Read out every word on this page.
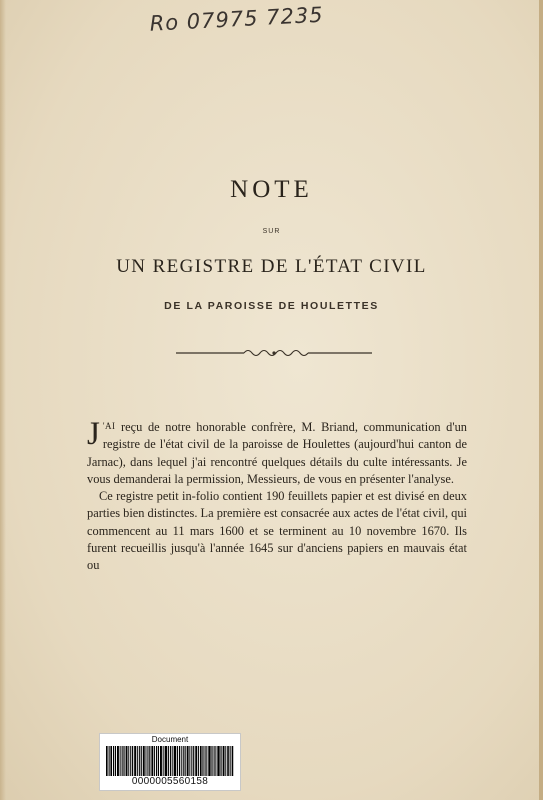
Ro 07975 7235
NOTE
SUR
UN REGISTRE DE L'ÉTAT CIVIL
DE LA PAROISSE DE HOULETTES

J 'AI reçu de notre honorable confrère, M. Briand, communication d'un registre de l'état civil de la paroisse de Houlettes (aujourd'hui canton de Jarnac), dans lequel j'ai rencontré quelques détails du culte intéressants. Je vous demanderai la permission, Messieurs, de vous en présenter l'analyse.

Ce registre petit in-folio contient 190 feuillets papier et est divisé en deux parties bien distinctes. La première est consacrée aux actes de l'état civil, qui commencent au 11 mars 1600 et se terminent au 10 novembre 1670. Ils furent recueillis jusqu'à l'année 1645 sur d'anciens papiers en mauvais état ou

Document
0000005560158
